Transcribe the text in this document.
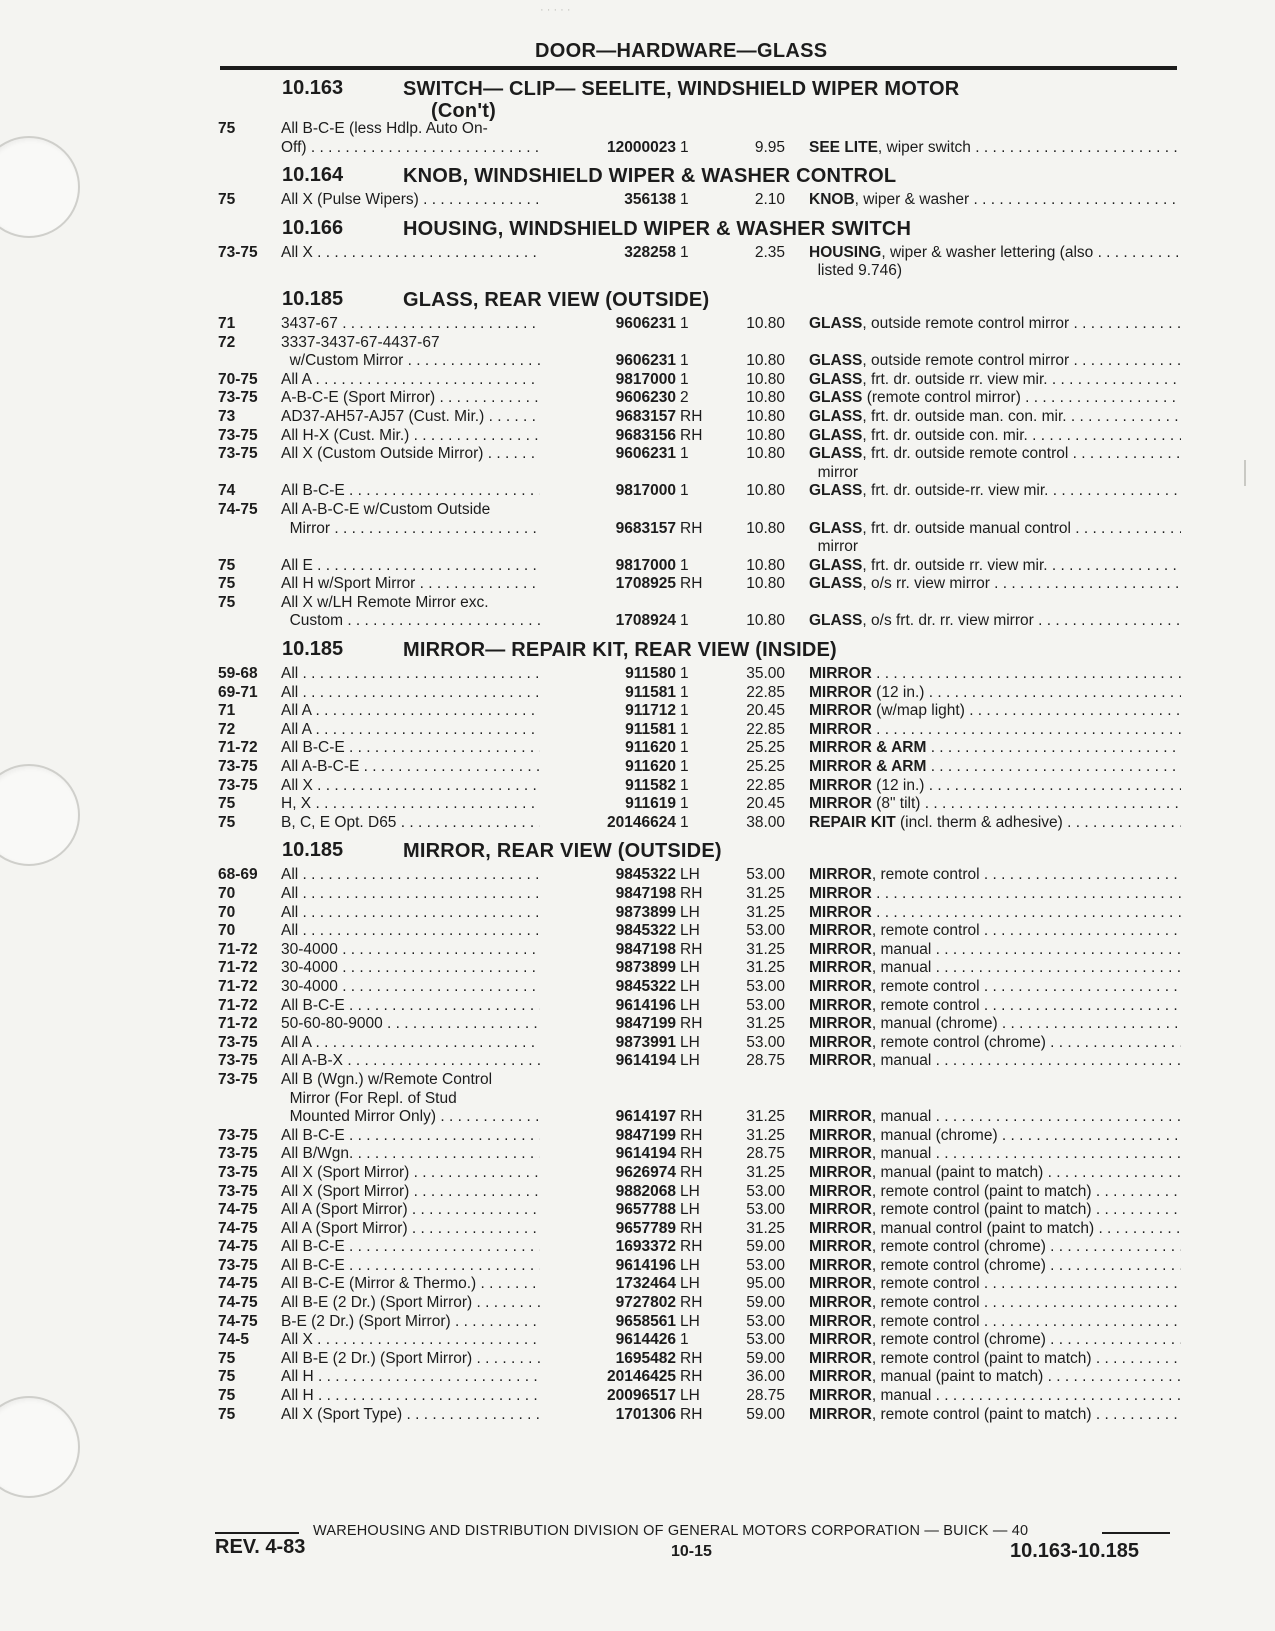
· · · · ·
DOOR—HARDWARE—GLASS
10.163	SWITCH— CLIP— SEELITE, WINDSHIELD WIPER MOTOR
(Con't)
75	All B-C-E (less Hdlp. Auto On-
Off) . . .	12000023 1	9.95 SEE LITE, wiper switch . . .
10.164	KNOB, WINDSHIELD WIPER & WASHER CONTROL
75	All X (Pulse Wipers) . . .	356138 1	2.10 KNOB, wiper & washer . . .
10.166	HOUSING, WINDSHIELD WIPER & WASHER SWITCH
73-75	All X . . .	328258 1	2.35 HOUSING, wiper & washer lettering (also . . .
listed 9.746)
10.185	GLASS, REAR VIEW (OUTSIDE)
71	3437-67 . . .	9606231 1	10.80 GLASS, outside remote control mirror . . .
72	3337-3437-67-4437-67
w/Custom Mirror . . .	9606231 1	10.80 GLASS, outside remote control mirror . . .
70-75	All A . . .	9817000 1	10.80 GLASS, frt. dr. outside rr. view mir. . . .
73-75	A-B-C-E (Sport Mirror) . . .	9606230 2	10.80 GLASS (remote control mirror) . . .
73	AD37-AH57-AJ57 (Cust. Mir.) . . .	9683157 RH	10.80 GLASS, frt. dr. outside man. con. mir. . . .
73-75	All H-X (Cust. Mir.) . . .	9683156 RH	10.80 GLASS, frt. dr. outside con. mir. . . .
73-75	All X (Custom Outside Mirror) . . .	9606231 1	10.80 GLASS, frt. dr. outside remote control . . .
mirror
74	All B-C-E . . .	9817000 1	10.80 GLASS, frt. dr. outside-rr. view mir. . . .
74-75	All A-B-C-E w/Custom Outside
Mirror . . .	9683157 RH	10.80 GLASS, frt. dr. outside manual control . . .
mirror
75	All E . . .	9817000 1	10.80 GLASS, frt. dr. outside rr. view mir. . . .
75	All H w/Sport Mirror . . .	1708925 RH	10.80 GLASS, o/s rr. view mirror . . .
75	All X w/LH Remote Mirror exc.
Custom . . .	1708924 1	10.80 GLASS, o/s frt. dr. rr. view mirror . . .
10.185	MIRROR— REPAIR KIT, REAR VIEW (INSIDE)
59-68	All . . .	911580 1	35.00 MIRROR . . .
69-71	All . . .	911581 1	22.85 MIRROR (12 in.) . . .
71	All A . . .	911712 1	20.45 MIRROR (w/map light) . . .
72	All A . . .	911581 1	22.85 MIRROR . . .
71-72	All B-C-E . . .	911620 1	25.25 MIRROR & ARM . . .
73-75	All A-B-C-E . . .	911620 1	25.25 MIRROR & ARM . . .
73-75	All X . . .	911582 1	22.85 MIRROR (12 in.) . . .
75	H, X . . .	911619 1	20.45 MIRROR (8" tilt) . . .
75	B, C, E Opt. D65 . . .	20146624 1	38.00 REPAIR KIT (incl. therm & adhesive) . . .
10.185	MIRROR, REAR VIEW (OUTSIDE)
68-69	All . . .	9845322 LH	53.00 MIRROR, remote control . . .
70	All . . .	9847198 RH	31.25 MIRROR . . .
70	All . . .	9873899 LH	31.25 MIRROR . . .
70	All . . .	9845322 LH	53.00 MIRROR, remote control . . .
71-72	30-4000 . . .	9847198 RH	31.25 MIRROR, manual . . .
71-72	30-4000 . . .	9873899 LH	31.25 MIRROR, manual . . .
71-72	30-4000 . . .	9845322 LH	53.00 MIRROR, remote control . . .
71-72	All B-C-E . . .	9614196 LH	53.00 MIRROR, remote control . . .
71-72	50-60-80-9000 . . .	9847199 RH	31.25 MIRROR, manual (chrome) . . .
73-75	All A . . .	9873991 LH	53.00 MIRROR, remote control (chrome) . . .
73-75	All A-B-X . . .	9614194 LH	28.75 MIRROR, manual . . .
73-75	All B (Wgn.) w/Remote Control
Mirror (For Repl. of Stud
Mounted Mirror Only) . . .	9614197 RH	31.25 MIRROR, manual . . .
73-75	All B-C-E . . .	9847199 RH	31.25 MIRROR, manual (chrome) . . .
73-75	All B/Wgn. . . .	9614194 RH	28.75 MIRROR, manual . . .
73-75	All X (Sport Mirror) . . .	9626974 RH	31.25 MIRROR, manual (paint to match) . . .
73-75	All X (Sport Mirror) . . .	9882068 LH	53.00 MIRROR, remote control (paint to match) . . .
74-75	All A (Sport Mirror) . . .	9657788 LH	53.00 MIRROR, remote control (paint to match) . . .
74-75	All A (Sport Mirror) . . .	9657789 RH	31.25 MIRROR, manual control (paint to match) . . .
74-75	All B-C-E . . .	1693372 RH	59.00 MIRROR, remote control (chrome) . . .
73-75	All B-C-E . . .	9614196 LH	53.00 MIRROR, remote control (chrome) . . .
74-75	All B-C-E (Mirror & Thermo.) . . .	1732464 LH	95.00 MIRROR, remote control . . .
74-75	All B-E (2 Dr.) (Sport Mirror) . . .	9727802 RH	59.00 MIRROR, remote control . . .
74-75	B-E (2 Dr.) (Sport Mirror) . . .	9658561 LH	53.00 MIRROR, remote control . . .
74-5	All X . . .	9614426 1	53.00 MIRROR, remote control (chrome) . . .
75	All B-E (2 Dr.) (Sport Mirror) . . .	1695482 RH	59.00 MIRROR, remote control (paint to match) . . .
75	All H . . .	20146425 RH	36.00 MIRROR, manual (paint to match) . . .
75	All H . . .	20096517 LH	28.75 MIRROR, manual . . .
75	All X (Sport Type) . . .	1701306 RH	59.00 MIRROR, remote control (paint to match) . . .
WAREHOUSING AND DISTRIBUTION DIVISION OF GENERAL MOTORS CORPORATION — BUICK — 40
REV. 4-83	10-15	10.163-10.185
